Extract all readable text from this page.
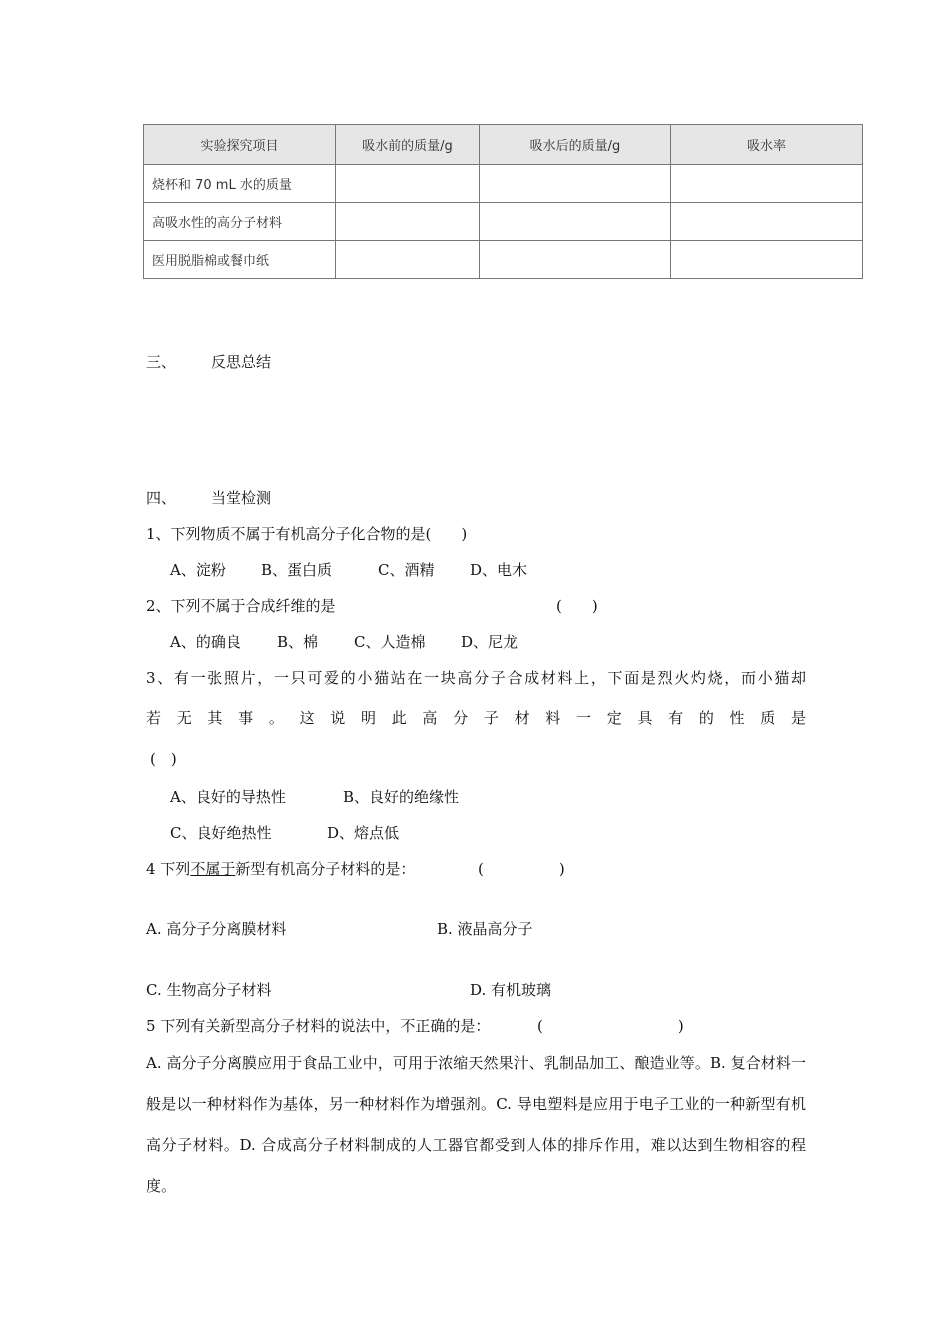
实验探究项目	吸水前的质量/g	吸水后的质量/g	吸水率
烧杯和 70 mL 水的质量			
高吸水性的高分子材料			
医用脱脂棉或餐巾纸			
三、 反思总结
四、 当堂检测
1、下列物质不属于有机高分子化合物的是(　　)
A、淀粉 B、蛋白质	C、酒精 D、电木
2、下列不属于合成纤维的是	(　　)
A、的确良 B、棉 C、人造棉 D、尼龙
3、有一张照片，一只可爱的小猫站在一块高分子合成材料上，下面是烈火灼烧，而小猫却
若无其事。这说明此高分子材料一定具有的性质是
(　)
A、良好的导热性	B、良好的绝缘性
C、良好绝热性	D、熔点低
4 下列不属于新型有机高分子材料的是：	(　　　　　)
A. 高分子分离膜材料	B. 液晶高分子
C. 生物高分子材料	D. 有机玻璃
5 下列有关新型高分子材料的说法中，不正确的是：	(　　　　　　　　　)
A. 高分子分离膜应用于食品工业中，可用于浓缩天然果汁、乳制品加工、酿造业等。B. 复合材料一般是以一种材料作为基体，另一种材料作为增强剂。C. 导电塑料是应用于电子工业的一种新型有机高分子材料。D. 合成高分子材料制成的人工器官都受到人体的排斥作用，难以达到生物相容的程度。
